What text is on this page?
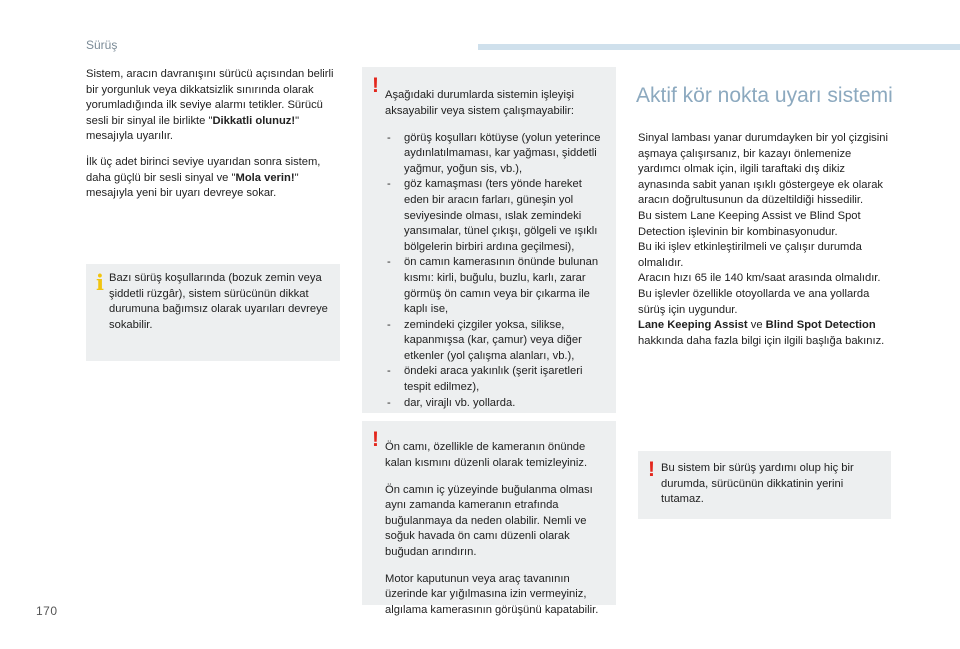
Sürüş

Sistem, aracın davranışını sürücü açısından belirli bir yorgunluk veya dikkatsizlik sınırında olarak yorumladığında ilk seviye alarmı tetikler. Sürücü sesli bir sinyal ile birlikte "Dikkatli olunuz!" mesajıyla uyarılır.

İlk üç adet birinci seviye uyarıdan sonra sistem, daha güçlü bir sesli sinyal ve "Mola verin!" mesajıyla yeni bir uyarı devreye sokar.

i Bazı sürüş koşullarında (bozuk zemin veya şiddetli rüzgâr), sistem sürücünün dikkat durumuna bağımsız olarak uyarıları devreye sokabilir.
! Aşağıdaki durumlarda sistemin işleyişi aksayabilir veya sistem çalışmayabilir:

- görüş koşulları kötüyse (yolun yeterince aydınlatılmaması, kar yağması, şiddetli yağmur, yoğun sis, vb.),
- göz kamaşması (ters yönde hareket eden bir aracın farları, güneşin yol seviyesinde olması, ıslak zemindeki yansımalar, tünel çıkışı, gölgeli ve ışıklı bölgelerin birbiri ardına geçilmesi),
- ön camın kamerasının önünde bulunan kısmı: kirli, buğulu, buzlu, karlı, zarar görmüş ön camın veya bir çıkarma ile kaplı ise,
- zemindeki çizgiler yoksa, silikse, kapanmışsa (kar, çamur) veya diğer etkenler (yol çalışma alanları, vb.),
- öndeki araca yakınlık (şerit işaretleri tespit edilmez),
- dar, virajlı vb. yollarda.
! Ön camı, özellikle de kameranın önünde kalan kısmını düzenli olarak temizleyiniz.

Ön camın iç yüzeyinde buğulanma olması aynı zamanda kameranın etrafında buğulanmaya da neden olabilir. Nemli ve soğuk havada ön camı düzenli olarak buğudan arındırın.

Motor kaputunun veya araç tavanının üzerinde kar yığılmasına izin vermeyiniz, algılama kamerasının görüşünü kapatabilir.

Aktif kör nokta uyarı sistemi

Sinyal lambası yanar durumdayken bir yol çizgisini aşmaya çalışırsanız, bir kazayı önlemenize yardımcı olmak için, ilgili taraftaki dış dikiz aynasında sabit yanan ışıklı göstergeye ek olarak aracın doğrultusunun da düzeltildiği hissedilir.

Bu sistem Lane Keeping Assist ve Blind Spot Detection işlevinin bir kombinasyonudur.

Bu iki işlev etkinleştirilmeli ve çalışır durumda olmalıdır.

Aracın hızı 65 ile 140 km/saat arasında olmalıdır.

Bu işlevler özellikle otoyollarda ve ana yollarda sürüş için uygundur.

Lane Keeping Assist ve Blind Spot Detection hakkında daha fazla bilgi için ilgili başlığa bakınız.

! Bu sistem bir sürüş yardımı olup hiç bir durumda, sürücünün dikkatinin yerini tutamaz.
170
